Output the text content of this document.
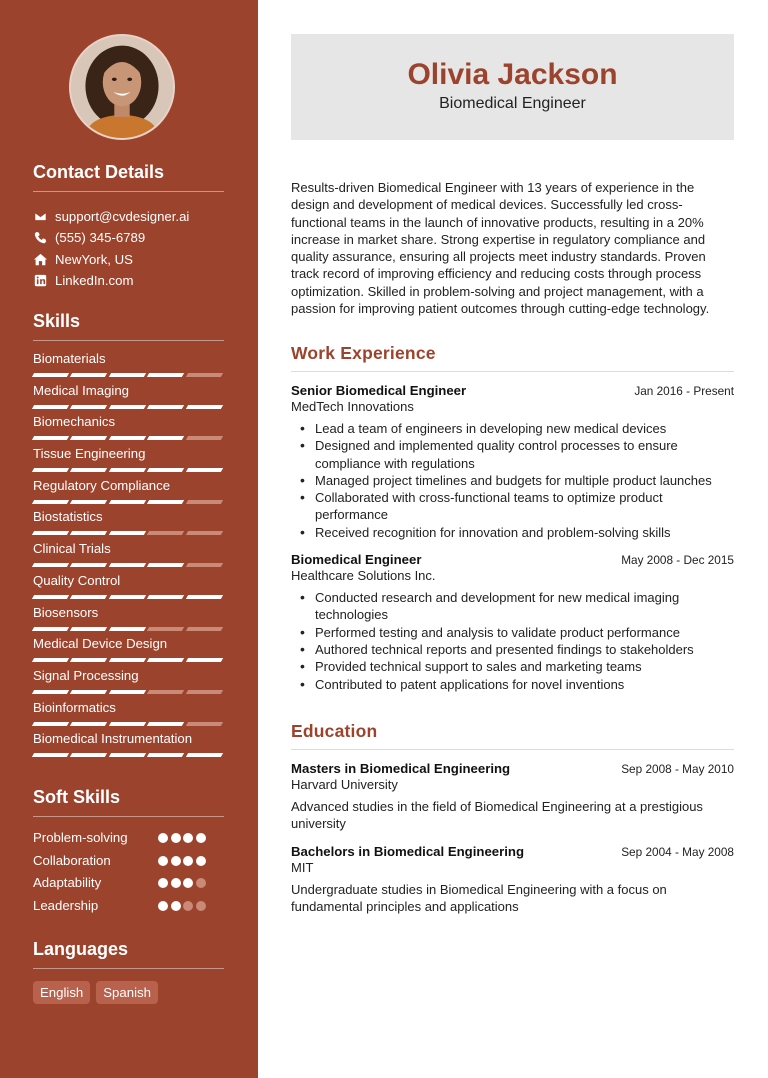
Contact Details
support@cvdesigner.ai
(555) 345-6789
NewYork, US
LinkedIn.com
Skills
Biomaterials
Medical Imaging
Biomechanics
Tissue Engineering
Regulatory Compliance
Biostatistics
Clinical Trials
Quality Control
Biosensors
Medical Device Design
Signal Processing
Bioinformatics
Biomedical Instrumentation
Soft Skills
Problem-solving
Collaboration
Adaptability
Leadership
Languages
English	Spanish
Olivia Jackson
Biomedical Engineer

Results-driven Biomedical Engineer with 13 years of experience in the design and development of medical devices. Successfully led cross-functional teams in the launch of innovative products, resulting in a 20% increase in market share. Strong expertise in regulatory compliance and quality assurance, ensuring all projects meet industry standards. Proven track record of improving efficiency and reducing costs through process optimization. Skilled in problem-solving and project management, with a passion for improving patient outcomes through cutting-edge technology.

Work Experience
Senior Biomedical Engineer	Jan 2016 - Present
MedTech Innovations
• Lead a team of engineers in developing new medical devices
• Designed and implemented quality control processes to ensure compliance with regulations
• Managed project timelines and budgets for multiple product launches
• Collaborated with cross-functional teams to optimize product performance
• Received recognition for innovation and problem-solving skills
Biomedical Engineer	May 2008 - Dec 2015
Healthcare Solutions Inc.
• Conducted research and development for new medical imaging technologies
• Performed testing and analysis to validate product performance
• Authored technical reports and presented findings to stakeholders
• Provided technical support to sales and marketing teams
• Contributed to patent applications for novel inventions
Education
Masters in Biomedical Engineering	Sep 2008 - May 2010
Harvard University

Advanced studies in the field of Biomedical Engineering at a prestigious university

Bachelors in Biomedical Engineering	Sep 2004 - May 2008
MIT

Undergraduate studies in Biomedical Engineering with a focus on fundamental principles and applications
